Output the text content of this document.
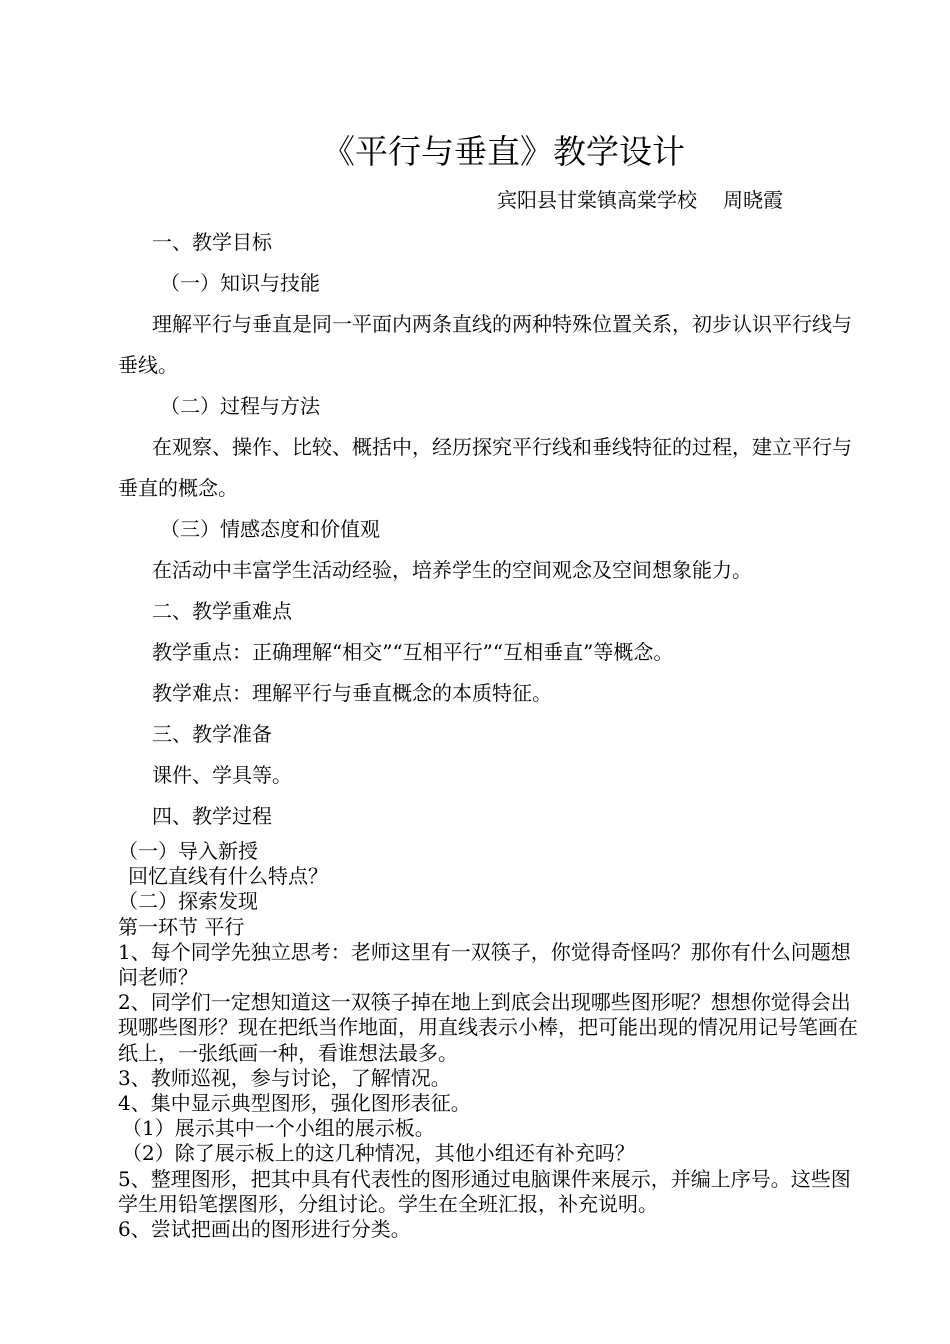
《平行与垂直》教学设计
宾阳县甘棠镇高棠学校 周晓霞

一、教学目标

（一）知识与技能

理解平行与垂直是同一平面内两条直线的两种特殊位置关系，初步认识平行线与垂线。

（二）过程与方法

在观察、操作、比较、概括中，经历探究平行线和垂线特征的过程，建立平行与垂直的概念。

（三）情感态度和价值观

在活动中丰富学生活动经验，培养学生的空间观念及空间想象能力。

二、教学重难点

教学重点：正确理解“相交”“互相平行”“互相垂直”等概念。

教学难点：理解平行与垂直概念的本质特征。

三、教学准备

课件、学具等。

四、教学过程

（一）导入新授

回忆直线有什么特点？

（二）探索发现

第一环节 平行

1、每个同学先独立思考：老师这里有一双筷子，你觉得奇怪吗？那你有什么问题想问老师？

2、同学们一定想知道这一双筷子掉在地上到底会出现哪些图形呢？想想你觉得会出现哪些图形？现在把纸当作地面，用直线表示小棒，把可能出现的情况用记号笔画在纸上，一张纸画一种，看谁想法最多。

3、教师巡视，参与讨论，了解情况。

4、集中显示典型图形，强化图形表征。

（1）展示其中一个小组的展示板。

（2）除了展示板上的这几种情况，其他小组还有补充吗？

5、整理图形，把其中具有代表性的图形通过电脑课件来展示，并编上序号。这些图学生用铅笔摆图形，分组讨论。学生在全班汇报，补充说明。

6、尝试把画出的图形进行分类。
